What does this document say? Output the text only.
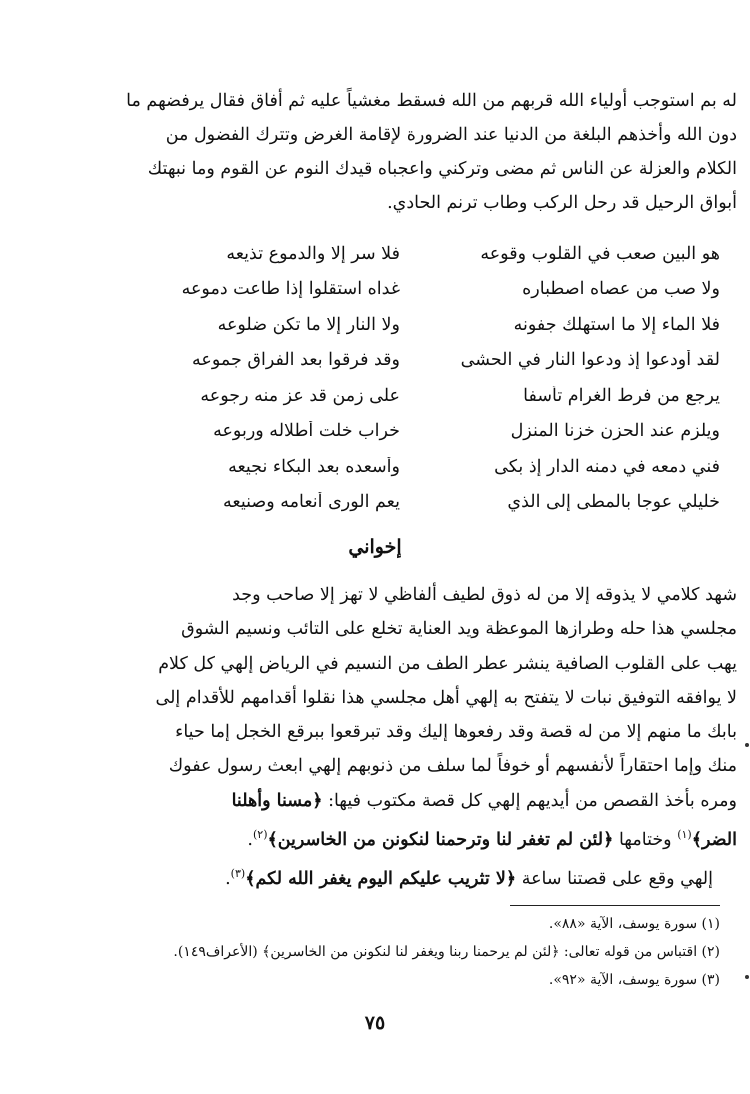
له بم استوجب أولياء الله قربهم من الله فسقط مغشياً عليه ثم أفاق فقال يرفضهم ما
دون الله وأخذهم البلغة من الدنيا عند الضرورة لإقامة الغرض وتترك الفضول من
الكلام والعزلة عن الناس ثم مضى وتركني واعجباه قيدك النوم عن القوم وما نبهتك
أبواق الرحيل قد رحل الركب وطاب ترنم الحادي.
هو البين صعب في القلوب وقوعه
فلا سر إلا والدموع تذيعه
ولا صب من عصاه اصطباره
غداه استقلوا إذا طاعت دموعه
فلا الماء إلا ما استهلك جفونه
ولا النار إلا ما تكن ضلوعه
لقد أودعوا إذ ودعوا النار في الحشى
وقد فرقوا بعد الفراق جموعه
يرجع من فرط الغرام تأسفا
على زمن قد عز منه رجوعه
ويلزم عند الحزن خزنا المنزل
خراب خلت أطلاله وربوعه
فني دمعه في دمنه الدار إذ بكى
وأسعده بعد البكاء نجيعه
خليلي عوجا بالمطى إلى الذي
يعم الورى أنعامه وصنيعه
إخواني
شهد كلامي لا يذوقه إلا من له ذوق لطيف ألفاظي لا تهز إلا صاحب وجد
مجلسي هذا حله وطرازها الموعظة ويد العناية تخلع على التائب ونسيم الشوق
يهب على القلوب الصافية ينشر عطر الطف من النسيم في الرياض إلهي كل كلام
لا يوافقه التوفيق نبات لا يتفتح به إلهي أهل مجلسي هذا نقلوا أقدامهم للأقدام إلى
بابك ما منهم إلا من له قصة وقد رفعوها إليك وقد تبرقعوا ببرقع الخجل إما حياء
منك وإما احتقاراً لأنفسهم أو خوفاً لما سلف من ذنوبهم إلهي ابعث رسول عفوك
ومره بأخذ القصص من أيديهم إلهي كل قصة مكتوب فيها: ﴿مسنا وأهلنا
الضر﴾$^{(١)}$ وختامها ﴿لئن لم تغفر لنا وترحمنا لنكونن من الخاسرين﴾$^{(٢)}$.
إلهي وقع على قصتنا ساعة ﴿لا تثريب عليكم اليوم يغفر الله لكم﴾$^{(٣)}$.
(١) سورة يوسف، الآية «٨٨».
(٢) اقتباس من قوله تعالى: ﴿لئن لم يرحمنا ربنا ويغفر لنا لنكونن من الخاسرين﴾ (الأعراف١٤٩).
(٣) سورة يوسف، الآية «٩٢».
٧٥
